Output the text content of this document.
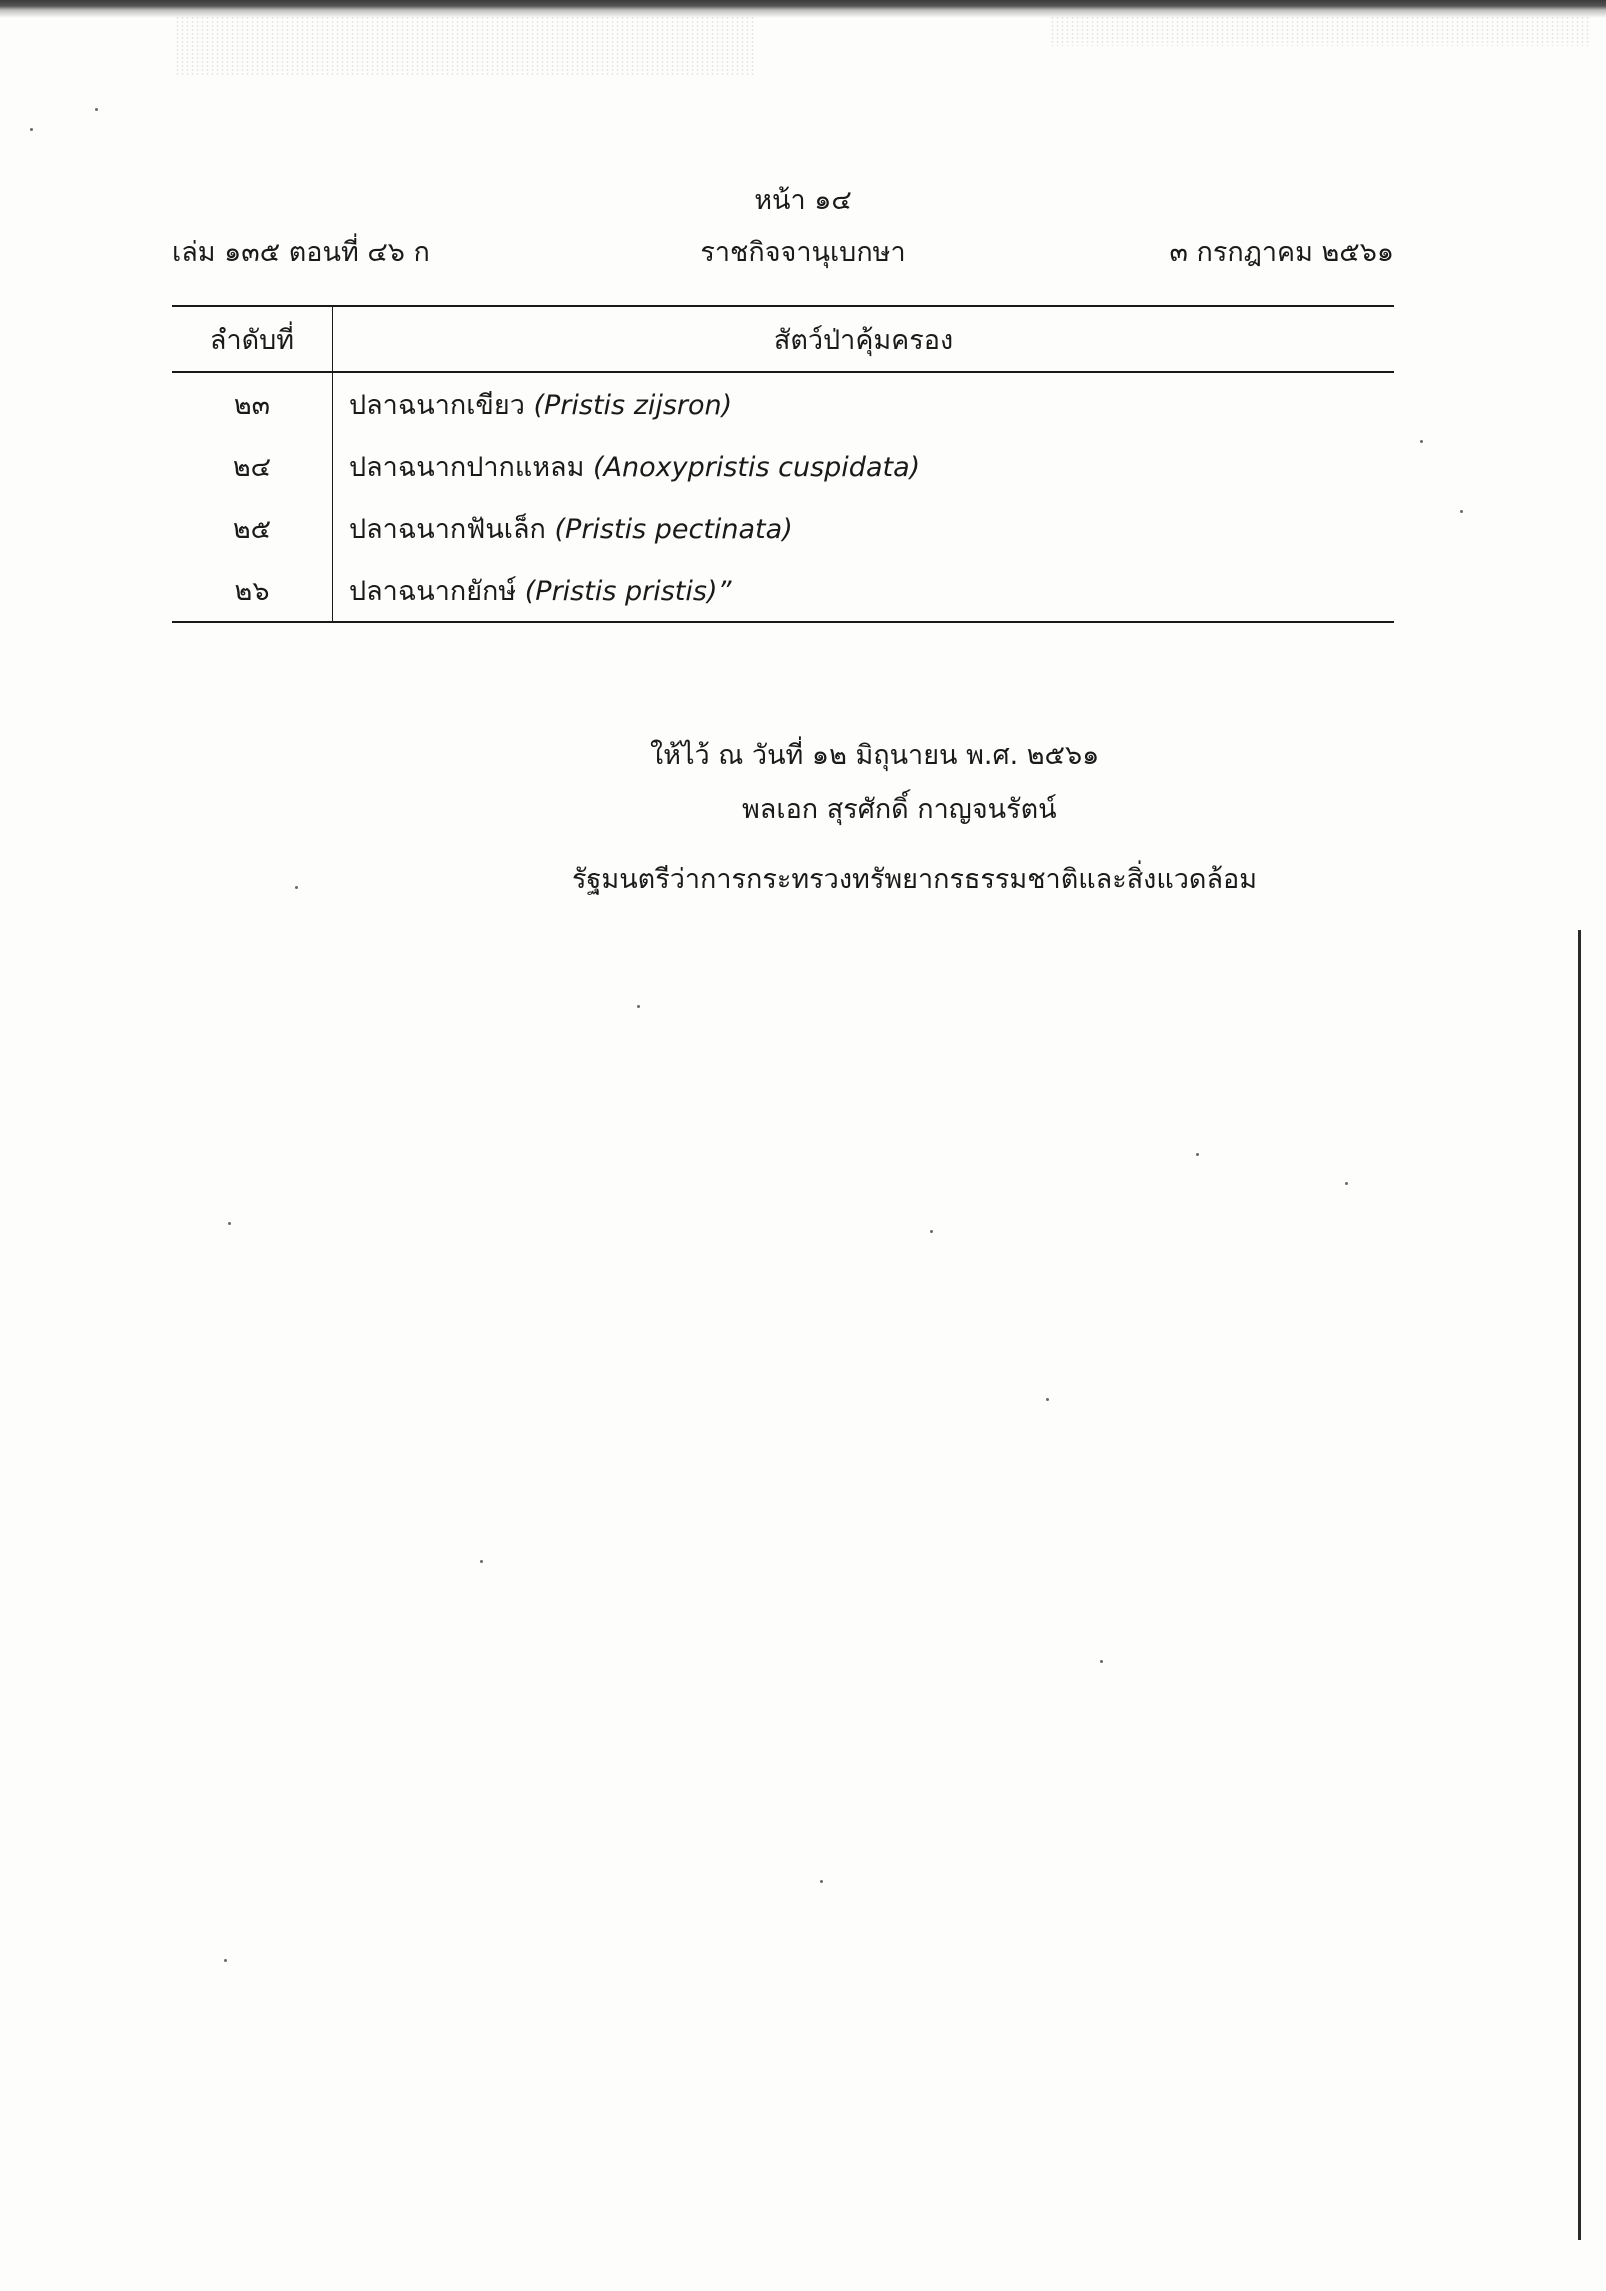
หน้า ๑๔
เล่ม ๑๓๕ ตอนที่ ๔๖ ก	ราชกิจจานุเบกษา	๓ กรกฎาคม ๒๕๖๑
ลำดับที่	สัตว์ป่าคุ้มครอง
๒๓	ปลาฉนากเขียว (Pristis zijsron)
๒๔	ปลาฉนากปากแหลม (Anoxypristis cuspidata)
๒๕	ปลาฉนากฟันเล็ก (Pristis pectinata)
๒๖	ปลาฉนากยักษ์ (Pristis pristis)”
ให้ไว้ ณ วันที่ ๑๒ มิถุนายน พ.ศ. ๒๕๖๑
พลเอก สุรศักดิ์ กาญจนรัตน์
รัฐมนตรีว่าการกระทรวงทรัพยากรธรรมชาติและสิ่งแวดล้อม
